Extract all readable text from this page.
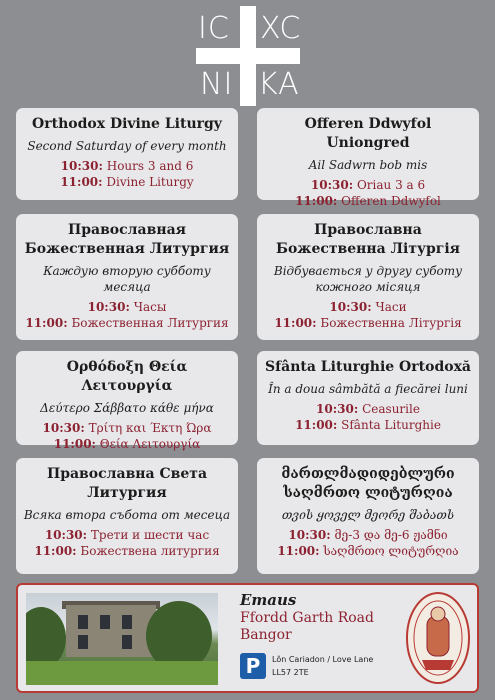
IC XC
NI KA
Orthodox Divine Liturgy
Second Saturday of every month
10:30: Hours 3 and 6
11:00: Divine Liturgy
Offeren Ddwyfol Uniongred
Ail Sadwrn bob mis
10:30: Oriau 3 a 6
11:00: Offeren Ddwyfol
Православная
Божественная Литургия
Каждую вторую субботу
месяца
10:30: Часы
11:00: Божественная Литургия
Православна
Божественна Літургія
Відбувається у другу суботу
кожного місяця
10:30: Часи
11:00: Божественна Літургія
Ορθόδοξη Θεία Λειτουργία
Δεύτερο Σάββατο κάθε μήνα
10:30: Τρίτη και Έκτη Ώρα
11:00: Θεία Λειτουργία
Sfânta Liturghie Ortodoxă
În a doua sâmbătă a fiecărei luni
10:30: Ceasurile
11:00: Sfânta Liturghie
Православна Света
Литургия
Всяка втора събота от месеца
10:30: Трети и шести час
11:00: Божествена литургия
მართლმადიდებლური
საღმრთო ლიტურღია
თვის ყოველ მეორე შაბათს
10:30: მე-3 და მე-6 ჟამნი
11:00: საღმრთო ლიტურღია
Emaus
Ffordd Garth Road
Bangor
P	Lôn Cariadon / Love Lane
LL57 2TE
